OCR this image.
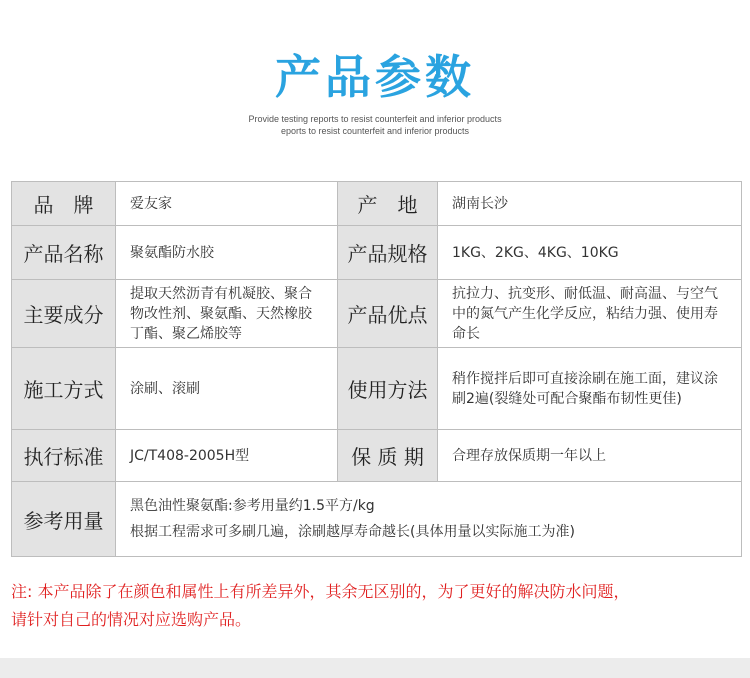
产品参数
Provide testing reports to resist counterfeit and inferior products
eports to resist counterfeit and inferior products
品　牌	爱友家	产　地	湖南长沙
产品名称	聚氨酯防水胶	产品规格	1KG、2KG、4KG、10KG
主要成分	提取天然沥青有机凝胶、聚合物改性剂、聚氨酯、天然橡胶丁酯、聚乙烯胶等	产品优点	抗拉力、抗变形、耐低温、耐高温、与空气中的氮气产生化学反应，粘结力强、使用寿命长
施工方式	涂刷、滚刷	使用方法	稍作搅拌后即可直接涂刷在施工面，建议涂刷2遍(裂缝处可配合聚酯布韧性更佳)
执行标准	JC/T408-2005H型	保 质 期	合理存放保质期一年以上
参考用量	黑色油性聚氨酯:参考用量约1.5平方/kg
根据工程需求可多刷几遍，涂刷越厚寿命越长(具体用量以实际施工为准)		
注: 本产品除了在颜色和属性上有所差异外，其余无区别的，为了更好的解决防水问题，
请针对自己的情况对应选购产品。
